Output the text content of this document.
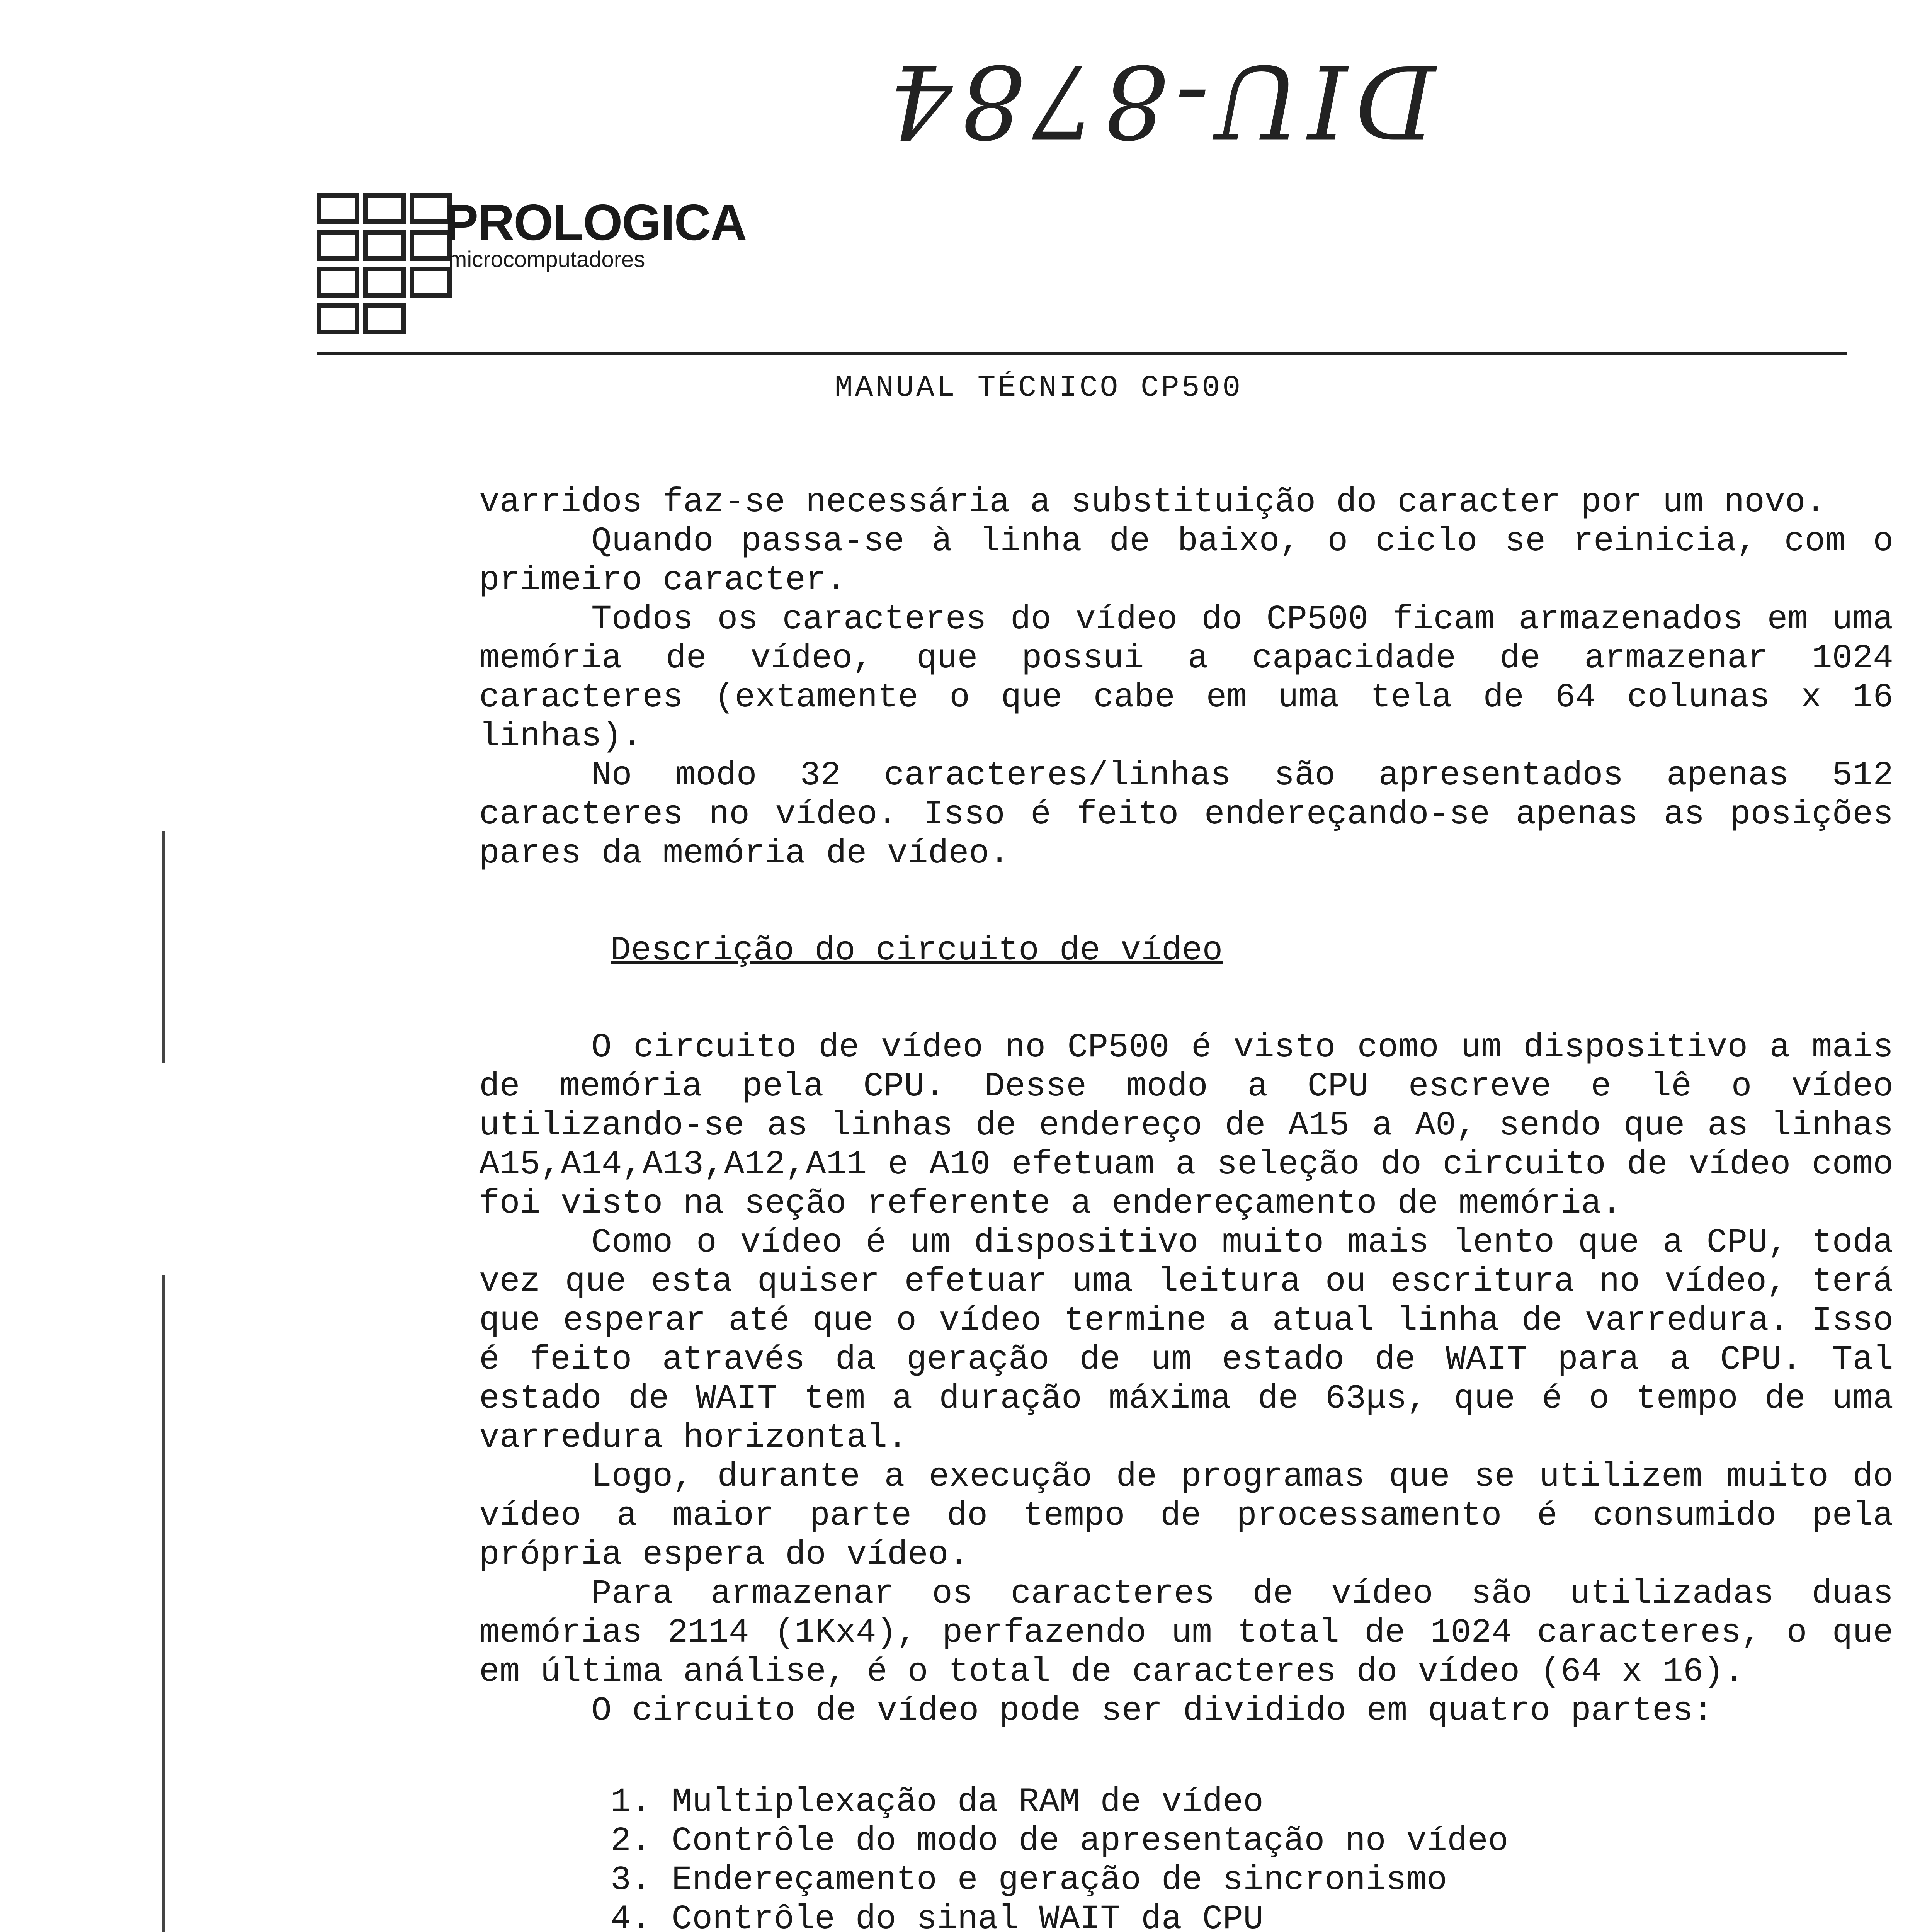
DIU-8784
PROLOGICA
microcomputadores
MANUAL TÉCNICO CP500

varridos faz-se necessária a substituição do caracter por um novo.

Quando passa-se à linha de baixo, o ciclo se reinicia, com o primeiro caracter.

Todos os caracteres do vídeo do CP500 ficam armazenados em uma memória de vídeo, que possui a capacidade de armazenar 1024 caracteres (extamente o que cabe em uma tela de 64 colunas x 16 linhas).

No modo 32 caracteres/linhas são apresentados apenas 512 caracteres no vídeo. Isso é feito endereçando-se apenas as posições pares da memória de vídeo.

Descrição do circuito de vídeo

O circuito de vídeo no CP500 é visto como um dispositivo a mais de memória pela CPU. Desse modo a CPU escreve e lê o vídeo utilizando-se as linhas de endereço de A15 a A0, sendo que as linhas A15,A14,A13,A12,A11 e A10 efetuam a seleção do circuito de vídeo como foi visto na seção referente a endereçamento de memória.

Como o vídeo é um dispositivo muito mais lento que a CPU, toda vez que esta quiser efetuar uma leitura ou escritura no vídeo, terá que esperar até que o vídeo termine a atual linha de varredura. Isso é feito através da geração de um estado de WAIT para a CPU. Tal estado de WAIT tem a duração máxima de 63μs, que é o tempo de uma varredura horizontal.

Logo, durante a execução de programas que se utilizem muito do vídeo a maior parte do tempo de processamento é consumido pela própria espera do vídeo.

Para armazenar os caracteres de vídeo são utilizadas duas memórias 2114 (1Kx4), perfazendo um total de 1024 caracteres, o que em última análise, é o total de caracteres do vídeo (64 x 16).

O circuito de vídeo pode ser dividido em quatro partes:

1. Multiplexação da RAM de vídeo
2. Contrôle do modo de apresentação no vídeo
3. Endereçamento e geração de sincronismo
4. Contrôle do sinal WAIT da CPU
